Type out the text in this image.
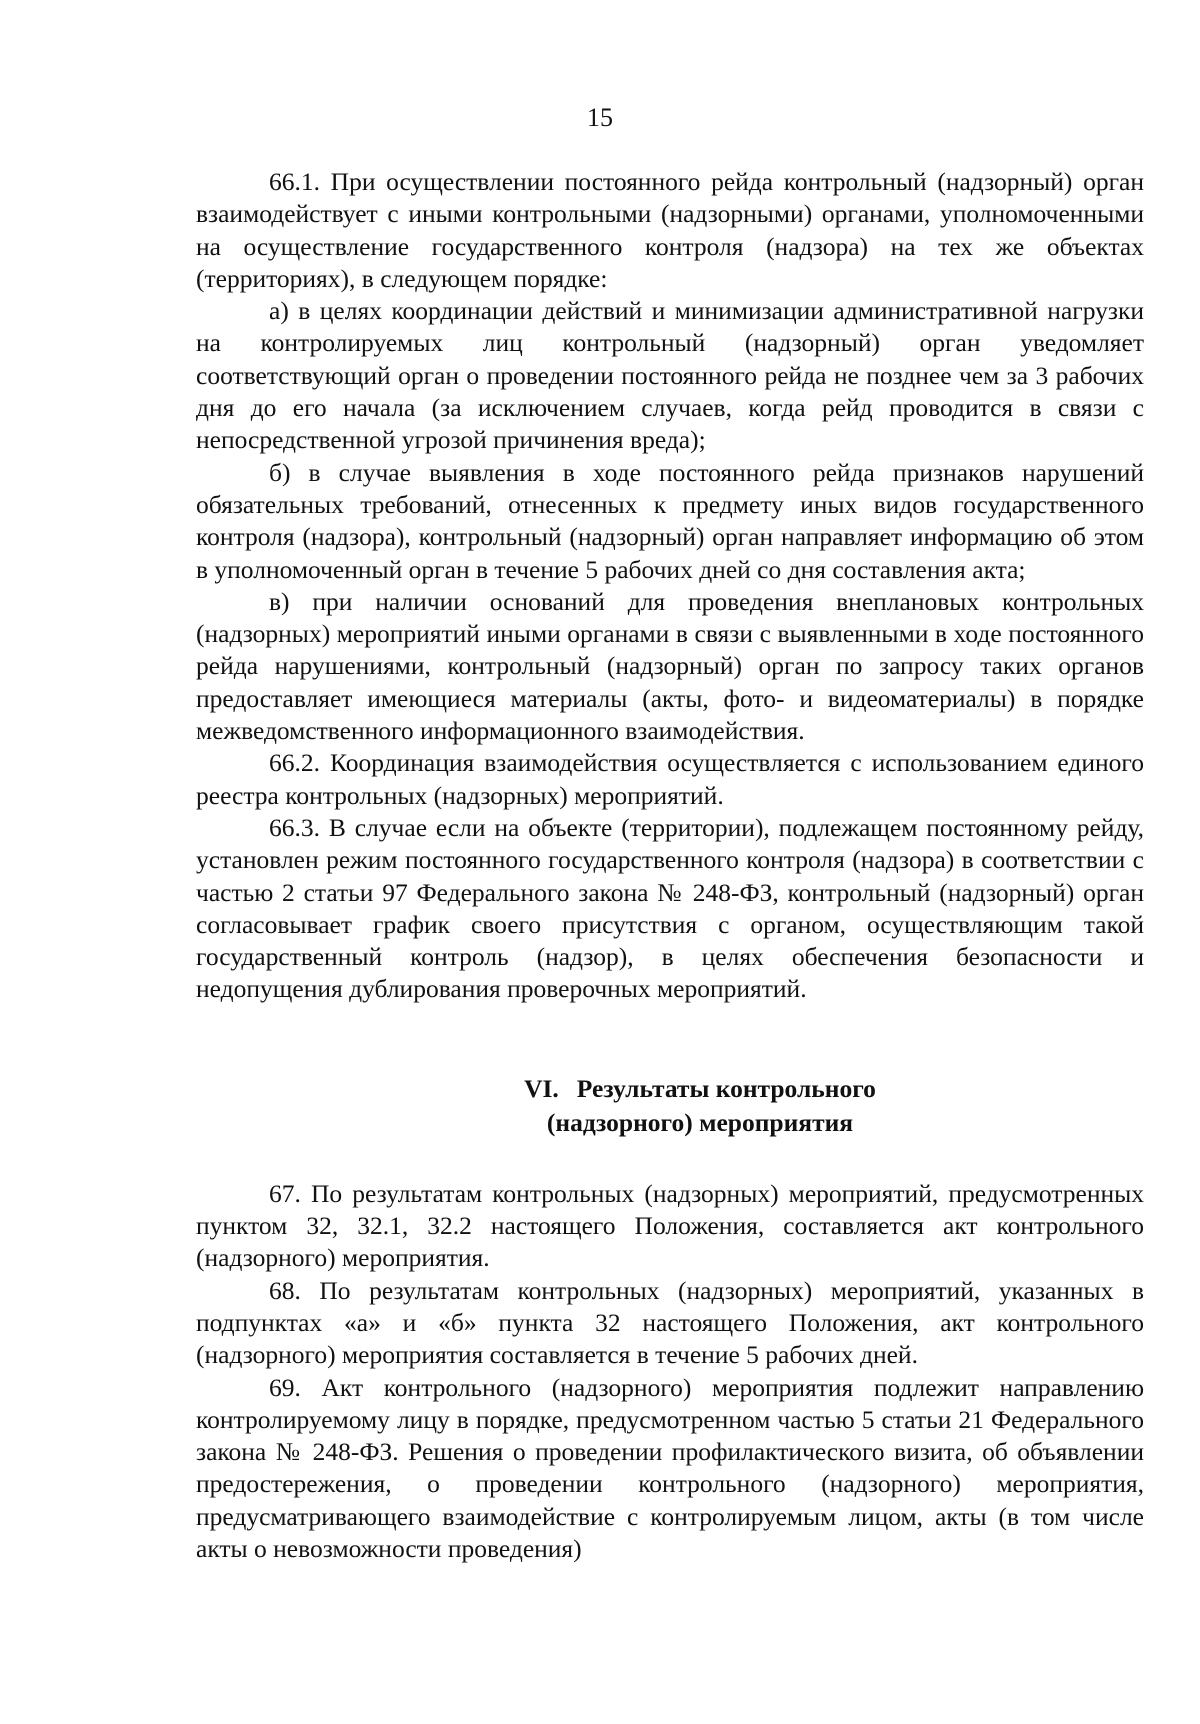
15

66.1. При осуществлении постоянного рейда контрольный (надзорный) орган взаимодействует с иными контрольными (надзорными) органами, уполномоченными на осуществление государственного контроля (надзора) на тех же объектах (территориях), в следующем порядке:

а) в целях координации действий и минимизации административной нагрузки на контролируемых лиц контрольный (надзорный) орган уведомляет соответствующий орган о проведении постоянного рейда не позднее чем за 3 рабочих дня до его начала (за исключением случаев, когда рейд проводится в связи с непосредственной угрозой причинения вреда);

б) в случае выявления в ходе постоянного рейда признаков нарушений обязательных требований, отнесенных к предмету иных видов государственного контроля (надзора), контрольный (надзорный) орган направляет информацию об этом в уполномоченный орган в течение 5 рабочих дней со дня составления акта;

в) при наличии оснований для проведения внеплановых контрольных (надзорных) мероприятий иными органами в связи с выявленными в ходе постоянного рейда нарушениями, контрольный (надзорный) орган по запросу таких органов предоставляет имеющиеся материалы (акты, фото- и видеоматериалы) в порядке межведомственного информационного взаимодействия.

66.2. Координация взаимодействия осуществляется с использованием единого реестра контрольных (надзорных) мероприятий.

66.3. В случае если на объекте (территории), подлежащем постоянному рейду, установлен режим постоянного государственного контроля (надзора) в соответствии с частью 2 статьи 97 Федерального закона № 248-ФЗ, контрольный (надзорный) орган согласовывает график своего присутствия с органом, осуществляющим такой государственный контроль (надзор), в целях обеспечения безопасности и недопущения дублирования проверочных мероприятий.

VI. Результаты контрольного
(надзорного) мероприятия

67. По результатам контрольных (надзорных) мероприятий, предусмотренных пунктом 32, 32.1, 32.2 настоящего Положения, составляется акт контрольного (надзорного) мероприятия.

68. По результатам контрольных (надзорных) мероприятий, указанных в подпунктах «а» и «б» пункта 32 настоящего Положения, акт контрольного (надзорного) мероприятия составляется в течение 5 рабочих дней.

69. Акт контрольного (надзорного) мероприятия подлежит направлению контролируемому лицу в порядке, предусмотренном частью 5 статьи 21 Федерального закона № 248-ФЗ. Решения о проведении профилактического визита, об объявлении предостережения, о проведении контрольного (надзорного) мероприятия, предусматривающего взаимодействие с контролируемым лицом, акты (в том числе акты о невозможности проведения)
